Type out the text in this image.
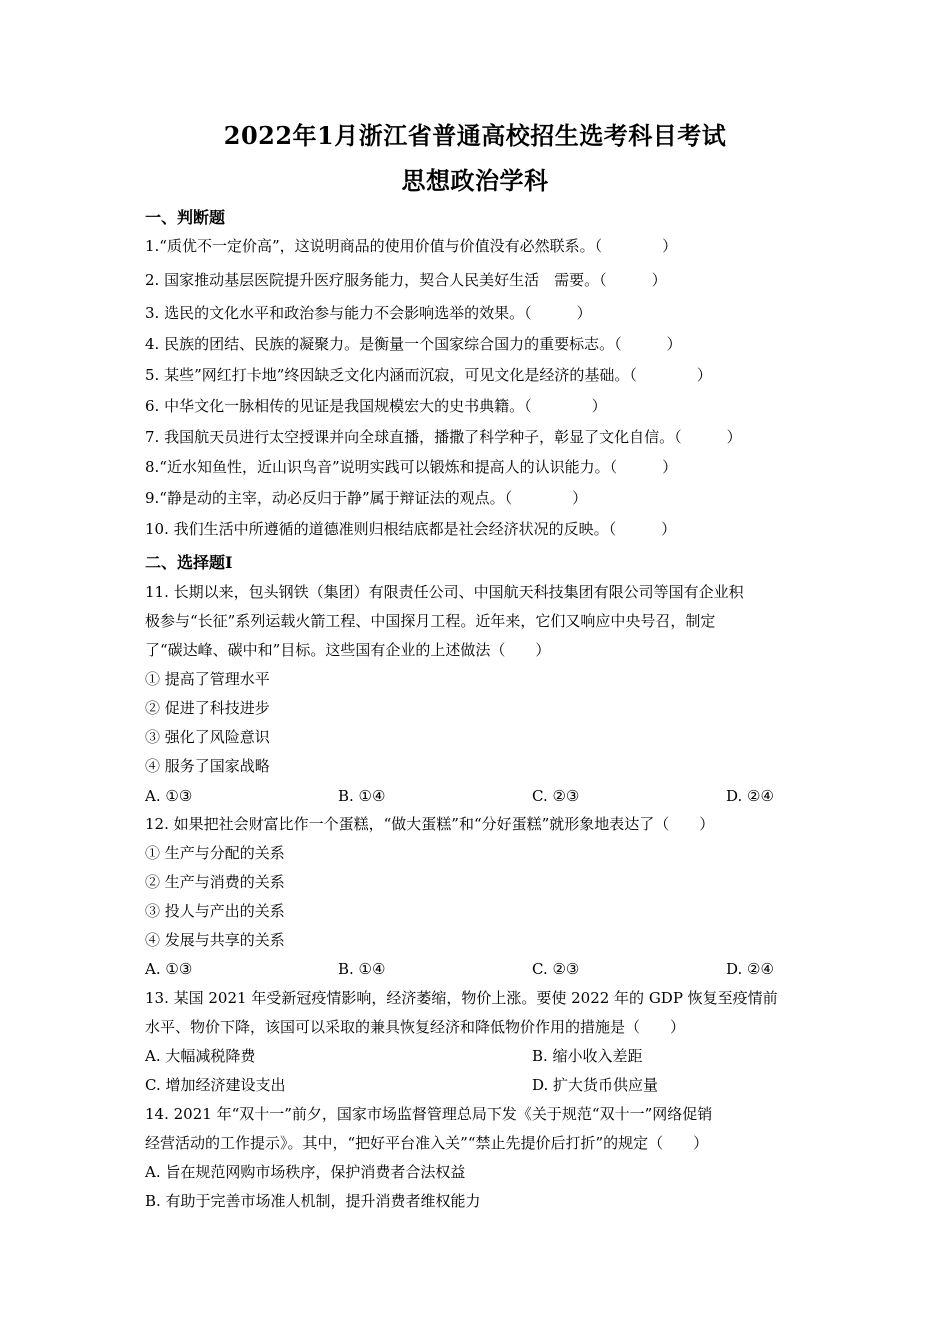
2022年1月浙江省普通高校招生选考科目考试
思想政治学科
一、判断题
1.“质优不一定价高”，这说明商品的使用价值与价值没有必然联系。（　　　　）
2. 国家推动基层医院提升医疗服务能力，契合人民美好生活　需要。（　　　）
3. 选民的文化水平和政治参与能力不会影响选举的效果。（　　　）
4. 民族的团结、民族的凝聚力。是衡量一个国家综合国力的重要标志。（　　　）
5. 某些”网红打卡地”终因缺乏文化内涵而沉寂，可见文化是经济的基础。（　　　　）
6. 中华文化一脉相传的见证是我国规模宏大的史书典籍。（　　　　）
7. 我国航天员进行太空授课并向全球直播，播撒了科学种子，彰显了文化自信。（　　　）
8.“近水知鱼性，近山识鸟音”说明实践可以锻炼和提高人的认识能力。（　　　）
9.“静是动的主宰，动必反归于静”属于辩证法的观点。（　　　　）
10. 我们生活中所遵循的道德准则归根结底都是社会经济状况的反映。（　　　）
二、选择题Ⅰ
11. 长期以来，包头钢铁（集团）有限责任公司、中国航天科技集团有限公司等国有企业积
极参与“长征”系列运载火箭工程、中国探月工程。近年来，它们又响应中央号召，制定
了“碳达峰、碳中和”目标。这些国有企业的上述做法（　　）
① 提高了管理水平
② 促进了科技进步
③ 强化了风险意识
④ 服务了国家战略
A. ①③	B. ①④	C. ②③	D. ②④
12. 如果把社会财富比作一个蛋糕，“做大蛋糕”和“分好蛋糕”就形象地表达了（　　）
① 生产与分配的关系
② 生产与消费的关系
③ 投人与产出的关系
④ 发展与共享的关系
A. ①③	B. ①④	C. ②③	D. ②④
13. 某国 2021 年受新冠疫情影响，经济萎缩，物价上涨。要使 2022 年的 GDP 恢复至疫情前
水平、物价下降，该国可以采取的兼具恢复经济和降低物价作用的措施是（　　）
A. 大幅减税降费	B. 缩小收入差距
C. 增加经济建设支出	D. 扩大货币供应量
14. 2021 年“双十一”前夕，国家市场监督管理总局下发《关于规范“双十一”网络促销
经营活动的工作提示》。其中，“把好平台准入关”“禁止先提价后打折”的规定（　　）
A. 旨在规范网购市场秩序，保护消费者合法权益
B. 有助于完善市场准人机制，提升消费者维权能力
